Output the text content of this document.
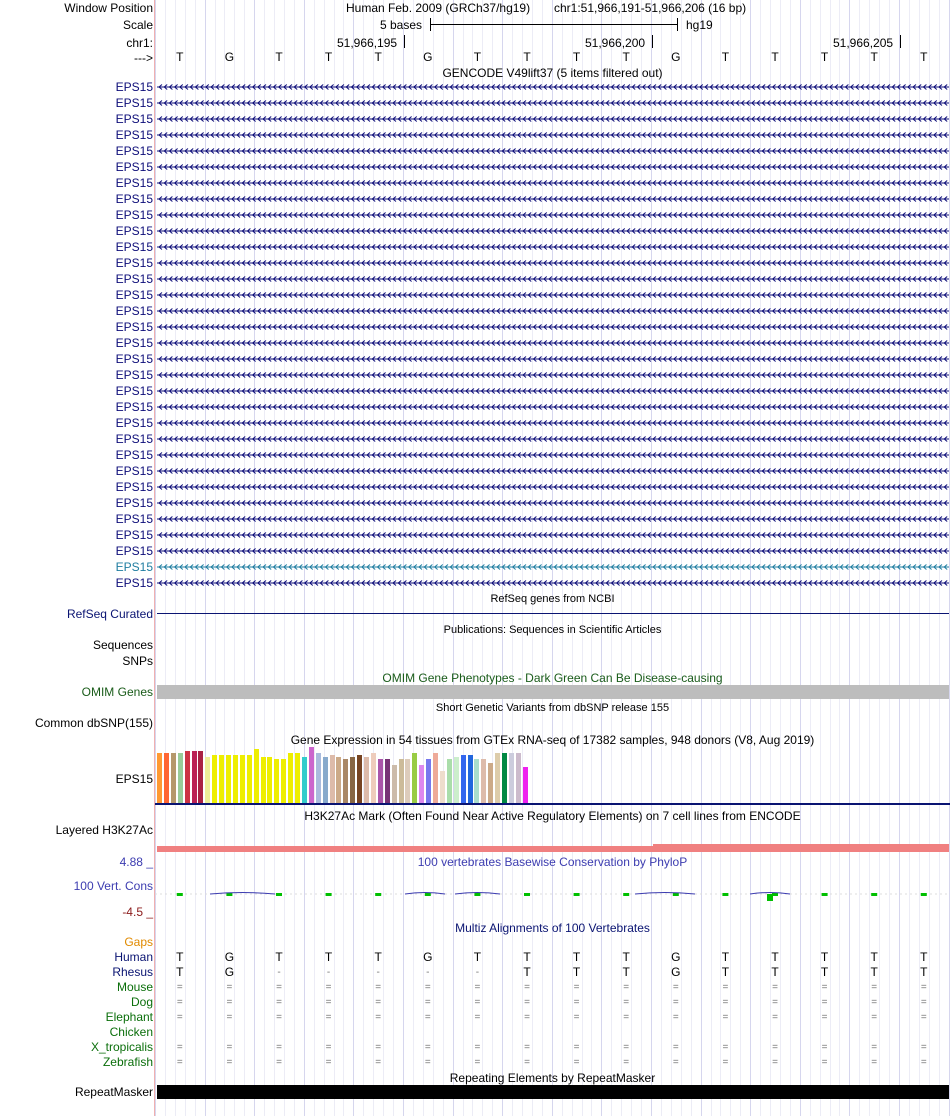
Window Position	Human Feb. 2009 (GRCh37/hg19) chr1:51,966,191-51,966,206 (16 bp)
Scale	5 bases	hg19
chr1:	51,966,195	51,966,200	51,966,205
--->	T	G	T	T	T	G	T	T	T	T	G	T	T	T	T	T
GENCODE V49lift37 (5 items filtered out)
EPS15
EPS15
EPS15
EPS15
EPS15
EPS15
EPS15
EPS15
EPS15
EPS15
EPS15
EPS15
EPS15
EPS15
EPS15
EPS15
EPS15
EPS15
EPS15
EPS15
EPS15
EPS15
EPS15
EPS15
EPS15
EPS15
EPS15
EPS15
EPS15
EPS15
EPS15
EPS15
RefSeq genes from NCBI
RefSeq Curated
Publications: Sequences in Scientific Articles
Sequences
SNPs
OMIM Gene Phenotypes - Dark Green Can Be Disease-causing
OMIM Genes
Short Genetic Variants from dbSNP release 155
Common dbSNP(155)
Gene Expression in 54 tissues from GTEx RNA-seq of 17382 samples, 948 donors (V8, Aug 2019)
EPS15
H3K27Ac Mark (Often Found Near Active Regulatory Elements) on 7 cell lines from ENCODE
Layered H3K27Ac
100 vertebrates Basewise Conservation by PhyloP
4.88 _
100 Vert. Cons
-4.5 _
Multiz Alignments of 100 Vertebrates
Gaps
Human	T	G	T	T	T	G	T	T	T	T	G	T	T	T	T	T
Rhesus	T	G	-	-	-	-	-	T	T	T	G	T	T	T	T	T
Mouse	=	=	=	=	=	=	=	=	=	=	=	=	=	=	=	=
Dog	=	=	=	=	=	=	=	=	=	=	=	=	=	=	=	=
Elephant	=	=	=	=	=	=	=	=	=	=	=	=	=	=	=	=
Chicken
X_tropicalis	=	=	=	=	=	=	=	=	=	=	=	=	=	=	=	=
Zebrafish	=	=	=	=	=	=	=	=	=	=	=	=	=	=	=	=
Repeating Elements by RepeatMasker
RepeatMasker
